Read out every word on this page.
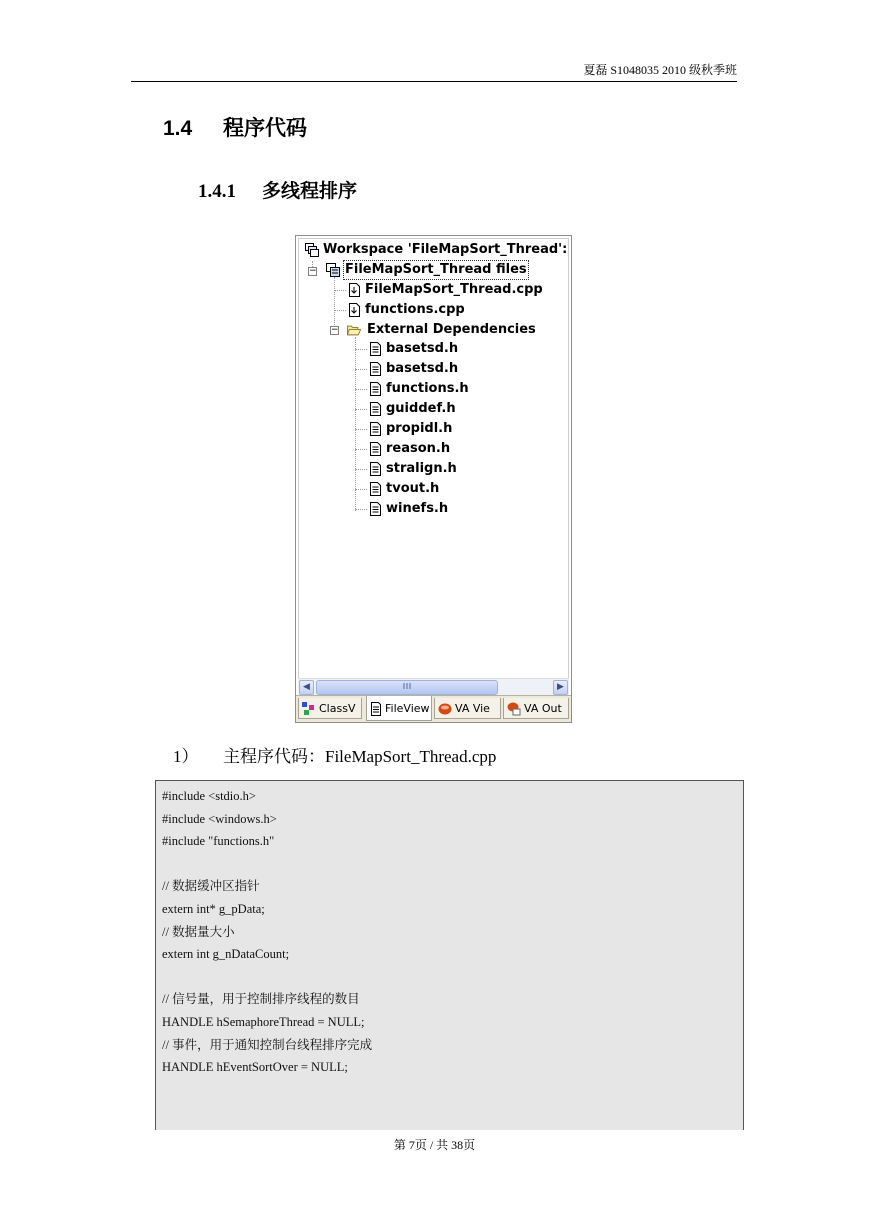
夏磊 S1048035 2010 级秋季班
1.4 程序代码
1.4.1 多线程排序
Workspace 'FileMapSort_Thread':
− FileMapSort_Thread files
FileMapSort_Thread.cpp
functions.cpp
− External Dependencies
basetsd.h
basetsd.h
functions.h
guiddef.h
propidl.h
reason.h
stralign.h
tvout.h
winefs.h
◀	III	▶
ClassV	FileView	VA Vie	VA Out
1） 主程序代码：FileMapSort_Thread.cpp
#include <stdio.h>
#include <windows.h>
#include "functions.h"
// 数据缓冲区指针
extern int* g_pData;
// 数据量大小
extern int g_nDataCount;
// 信号量，用于控制排序线程的数目
HANDLE hSemaphoreThread = NULL;
// 事件，用于通知控制台线程排序完成
HANDLE hEventSortOver = NULL;
第 7页 / 共 38页
